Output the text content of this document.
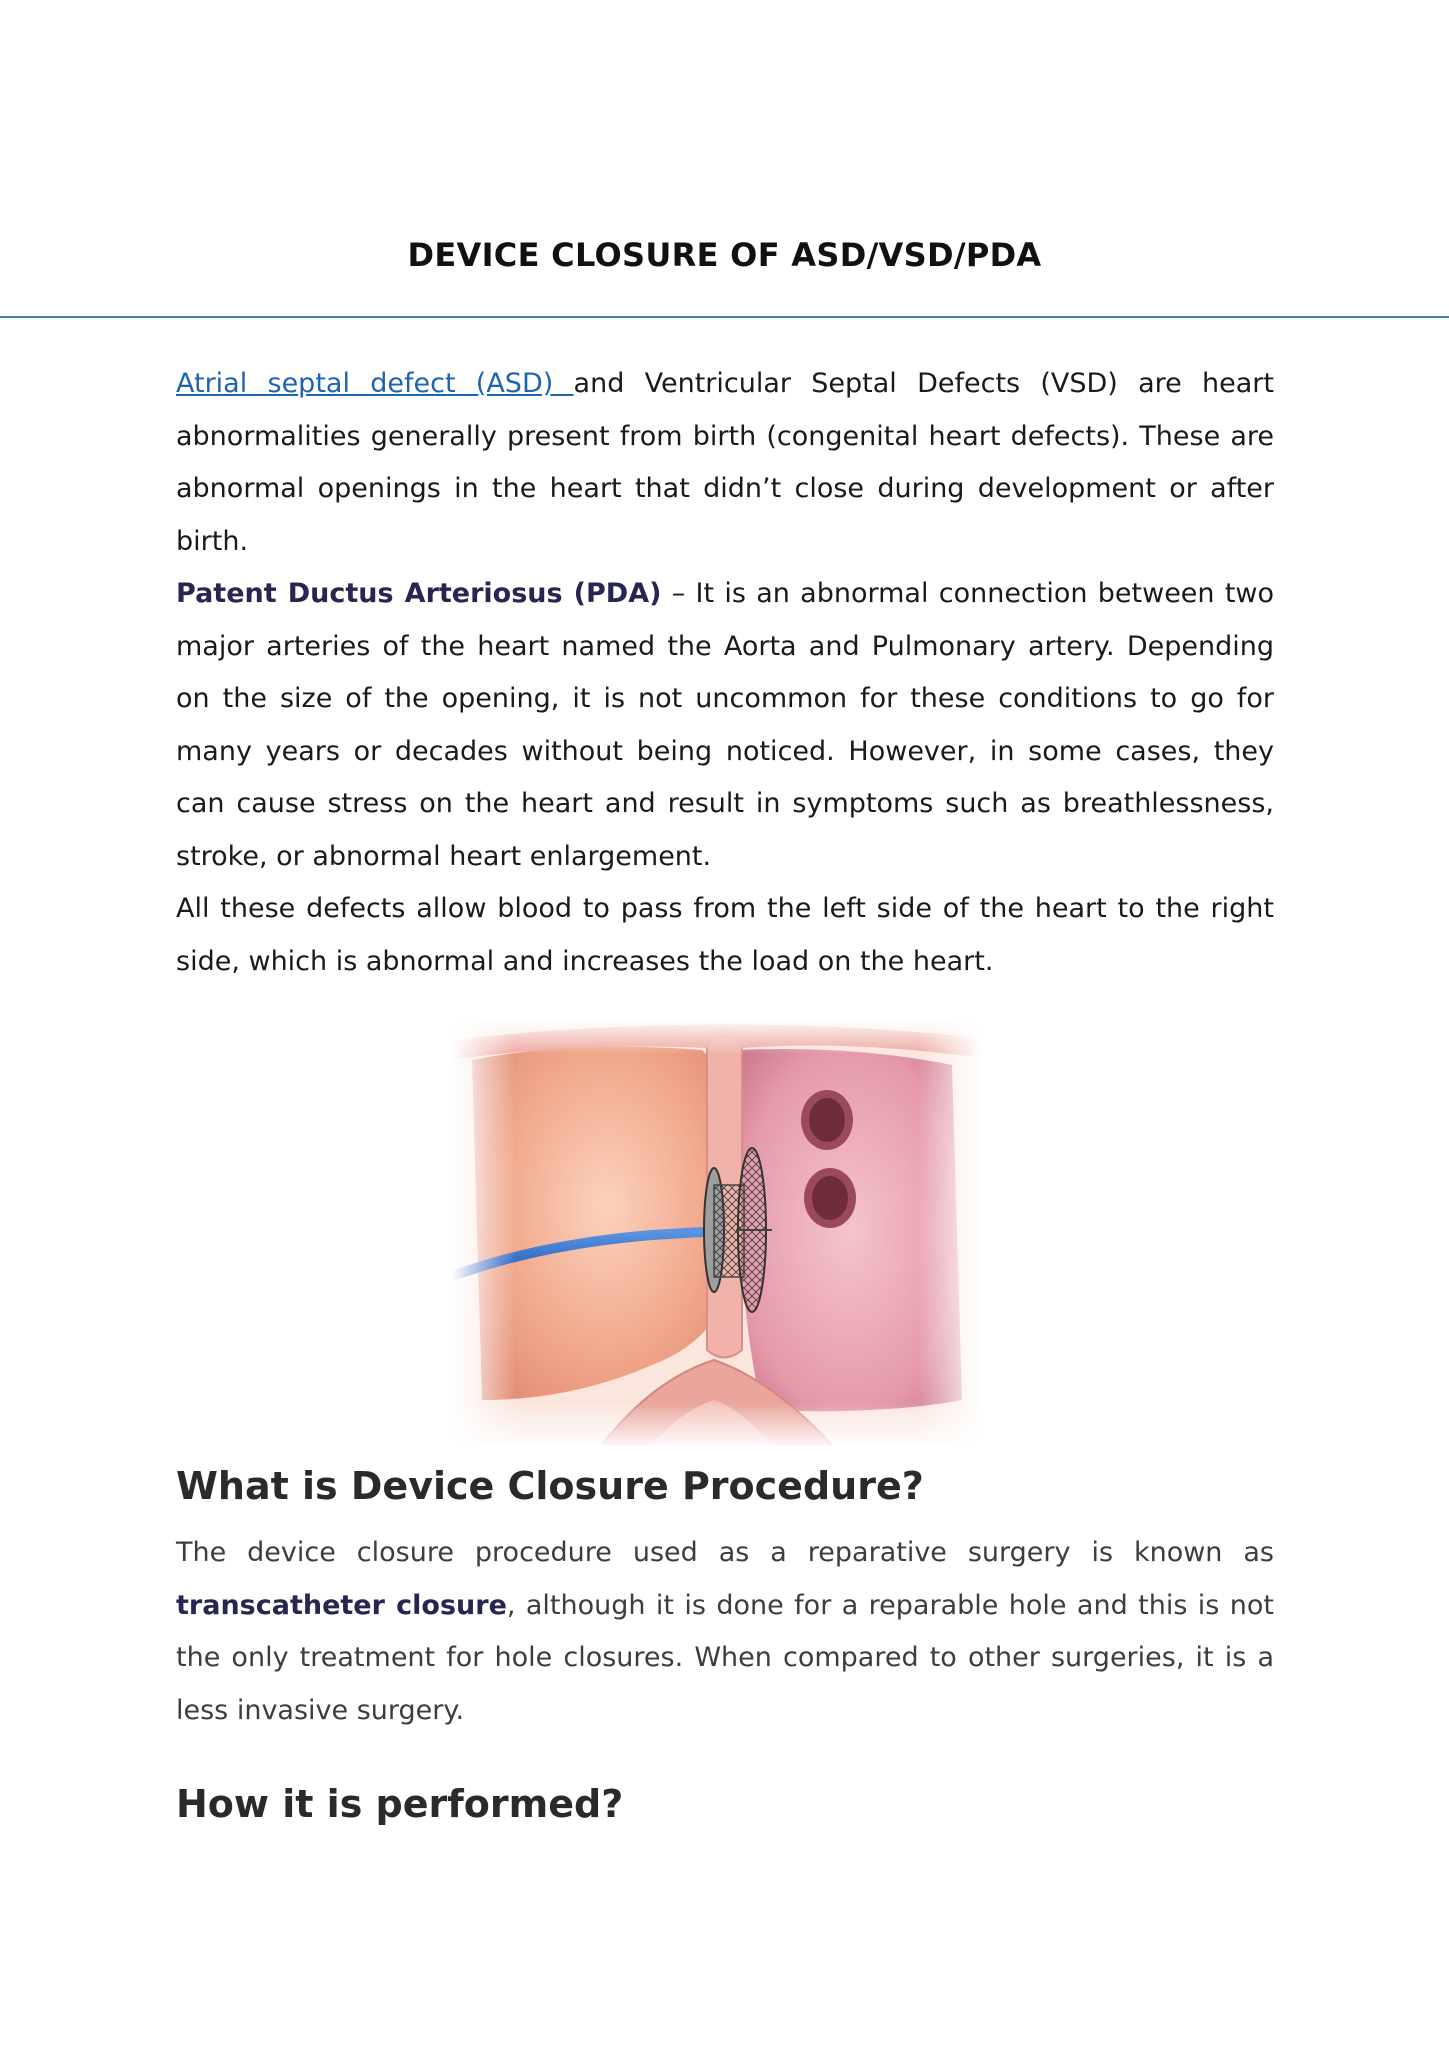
DEVICE CLOSURE OF ASD/VSD/PDA

Atrial septal defect (ASD) and Ventricular Septal Defects (VSD) are heart abnormalities generally present from birth (congenital heart defects). These are abnormal openings in the heart that didn’t close during development or after birth.

Patent Ductus Arteriosus (PDA) – It is an abnormal connection between two major arteries of the heart named the Aorta and Pulmonary artery. Depending on the size of the opening, it is not uncommon for these conditions to go for many years or decades without being noticed. However, in some cases, they can cause stress on the heart and result in symptoms such as breathlessness, stroke, or abnormal heart enlargement.

All these defects allow blood to pass from the left side of the heart to the right side, which is abnormal and increases the load on the heart.

What is Device Closure Procedure?

The device closure procedure used as a reparative surgery is known as transcatheter closure, although it is done for a reparable hole and this is not the only treatment for hole closures. When compared to other surgeries, it is a less invasive surgery.

How it is performed?
